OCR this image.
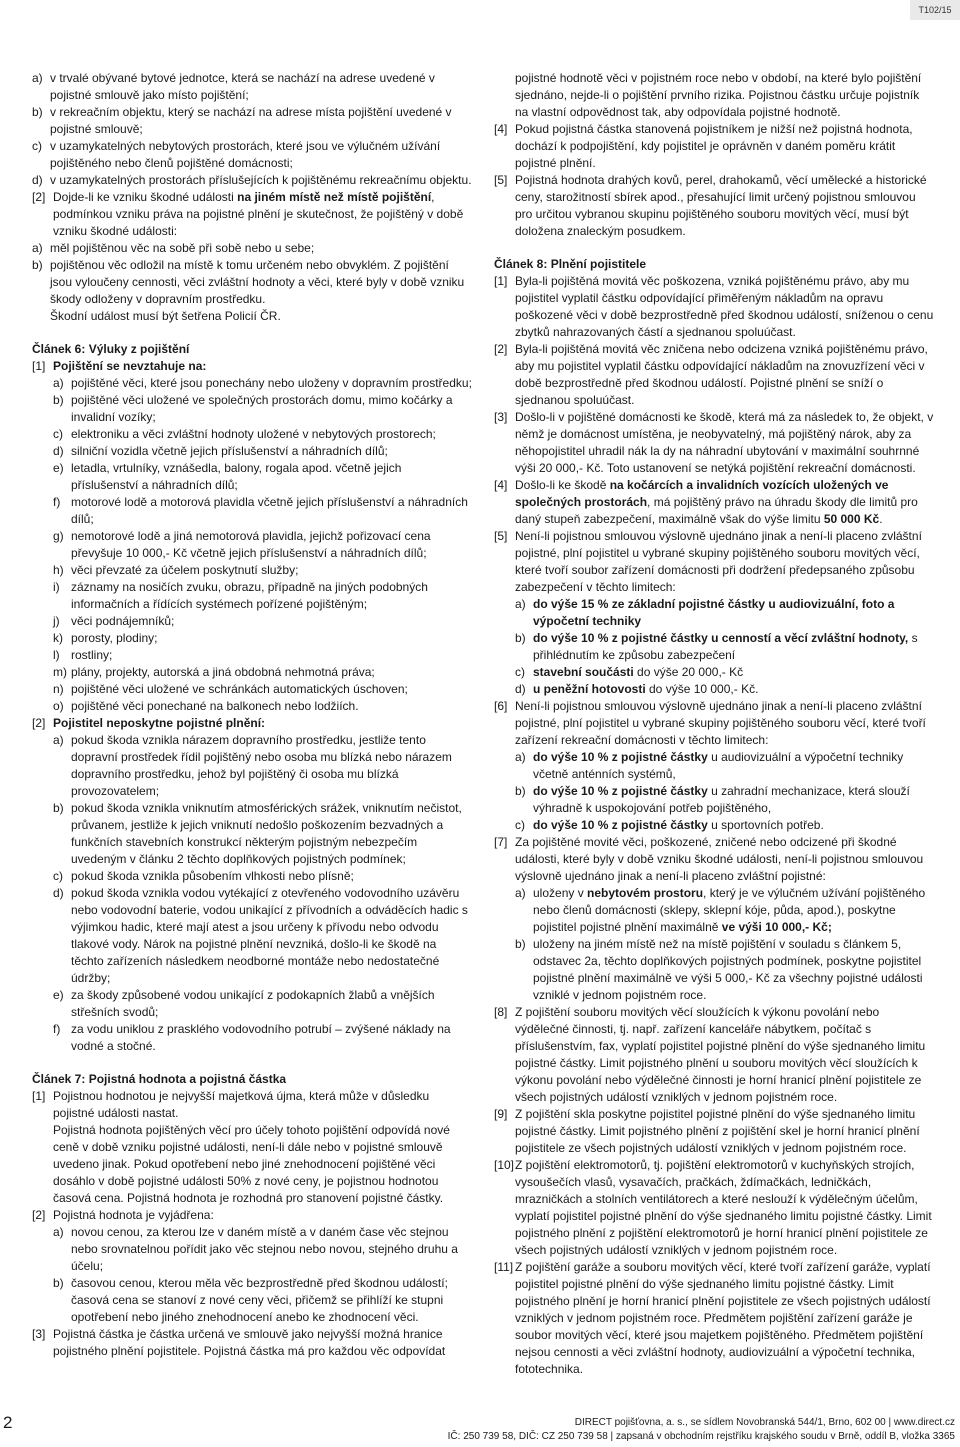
T102/15
a) v trvalé obývané bytové jednotce, která se nachází na adrese uvedené v pojistné smlouvě jako místo pojištění;
b) v rekreačním objektu, který se nachází na adrese místa pojištění uvedené v pojistné smlouvě;
c) v uzamykatelných nebytových prostorách, které jsou ve výlučném užívání pojištěného nebo členů pojištěné domácnosti;
d) v uzamykatelných prostorách příslušejících k pojištěnému rekreačnímu objektu.
[2] Dojde-li ke vzniku škodné události na jiném místě než místě pojištění, podmínkou vzniku práva na pojistné plnění je skutečnost, že pojištěný v době vzniku škodné události:
a) měl pojištěnou věc na sobě při sobě nebo u sebe;
b) pojištěnou věc odložil na místě k tomu určeném nebo obvyklém. Z pojištění jsou vyloučeny cennosti, věci zvláštní hodnoty a věci, které byly v době vzniku škody odloženy v dopravním prostředku.
Škodní událost musí být šetřena Policií ČR.
Článek 6: Výluky z pojištění
[1] Pojištění se nevztahuje na:
a) pojištěné věci, které jsou ponechány nebo uloženy v dopravním prostředku;
b) pojištěné věci uložené ve společných prostorách domu, mimo kočárky a invalidní vozíky;
c) elektroniku a věci zvláštní hodnoty uložené v nebytových prostorech;
d) silniční vozidla včetně jejich příslušenství a náhradních dílů;
e) letadla, vrtulníky, vznášedla, balony, rogala apod. včetně jejich příslušenství a náhradních dílů;
f) motorové lodě a motorová plavidla včetně jejich příslušenství a náhradních dílů;
g) nemotorové lodě a jiná nemotorová plavidla, jejichž pořizovací cena převyšuje 10 000,- Kč včetně jejich příslušenství a náhradních dílů;
h) věci převzaté za účelem poskytnutí služby;
i) záznamy na nosičích zvuku, obrazu, případně na jiných podobných informačních a řídících systémech pořízené pojištěným;
j) věci podnájemníků;
k) porosty, plodiny;
l) rostliny;
m) plány, projekty, autorská a jiná obdobná nehmotná práva;
n) pojištěné věci uložené ve schránkách automatických úschoven;
o) pojištěné věci ponechané na balkonech nebo lodžiích.
[2] Pojistitel neposkytne pojistné plnění:
a) pokud škoda vznikla nárazem dopravního prostředku, jestliže tento dopravní prostředek řídil pojištěný nebo osoba mu blízká nebo nárazem dopravního prostředku, jehož byl pojištěný či osoba mu blízká provozovatelem;
b) pokud škoda vznikla vniknutím atmosférických srážek, vniknutím nečistot, průvanem, jestliže k jejich vniknutí nedošlo poškozením bezvadných a funkčních stavebních konstrukcí některým pojistným nebezpečím uvedeným v článku 2 těchto doplňkových pojistných podmínek;
c) pokud škoda vznikla působením vlhkosti nebo plísně;
d) pokud škoda vznikla vodou vytékající z otevřeného vodovodního uzávěru nebo vodovodní baterie, vodou unikající z přívodních a odváděcích hadic s výjimkou hadic, které mají atest a jsou určeny k přívodu nebo odvodu tlakové vody. Nárok na pojistné plnění nevzniká, došlo-li ke škodě na těchto zařízeních následkem neodborné montáže nebo nedostatečné údržby;
e) za škody způsobené vodou unikající z podokapních žlabů a vnějších střešních svodů;
f) za vodu uniklou z prasklého vodovodního potrubí – zvýšené náklady na vodné a stočné.
Článek 7: Pojistná hodnota a pojistná částka
[1] Pojistnou hodnotou je nejvyšší majetková újma, která může v důsledku pojistné události nastat.
Pojistná hodnota pojištěných věcí pro účely tohoto pojištění odpovídá nové ceně v době vzniku pojistné události, není-li dále nebo v pojistné smlouvě uvedeno jinak. Pokud opotřebení nebo jiné znehodnocení pojištěné věci dosáhlo v době pojistné události 50% z nové ceny, je pojistnou hodnotou časová cena. Pojistná hodnota je rozhodná pro stanovení pojistné částky.
[2] Pojistná hodnota je vyjádřena:
a) novou cenou, za kterou lze v daném místě a v daném čase věc stejnou nebo srovnatelnou pořídit jako věc stejnou nebo novou, stejného druhu a účelu;
b) časovou cenou, kterou měla věc bezprostředně před škodnou událostí; časová cena se stanoví z nové ceny věci, přičemž se přihlíží ke stupni opotřebení nebo jiného znehodnocení anebo ke zhodnocení věci.
[3] Pojistná částka je částka určená ve smlouvě jako nejvyšší možná hranice pojistného plnění pojistitele. Pojistná částka má pro každou věc odpovídat
pojistné hodnotě věci v pojistném roce nebo v období, na které bylo pojištění sjednáno, nejde-li o pojištění prvního rizika. Pojistnou částku určuje pojistník na vlastní odpovědnost tak, aby odpovídala pojistné hodnotě.
[4] Pokud pojistná částka stanovená pojistníkem je nižší než pojistná hodnota, dochází k podpojištění, kdy pojistitel je oprávněn v daném poměru krátit pojistné plnění.
[5] Pojistná hodnota drahých kovů, perel, drahokamů, věcí umělecké a historické ceny, starožitností sbírek apod., přesahující limit určený pojistnou smlouvou pro určitou vybranou skupinu pojištěného souboru movitých věcí, musí být doložena znaleckým posudkem.
Článek 8: Plnění pojistitele
[1] Byla-li pojištěná movitá věc poškozena, vzniká pojištěnému právo, aby mu pojistitel vyplatil částku odpovídající přiměřeným nákladům na opravu poškozené věci v době bezprostředně před škodnou událostí, sníženou o cenu zbytků nahrazovaných částí a sjednanou spoluúčast.
[2] Byla-li pojištěná movitá věc zničena nebo odcizena vzniká pojištěnému právo, aby mu pojistitel vyplatil částku odpovídající nákladům na znovuzřízení věci v době bezprostředně před škodnou událostí. Pojistné plnění se sníží o sjednanou spoluúčast.
[3] Došlo-li v pojištěné domácnosti ke škodě, která má za následek to, že objekt, v němž je domácnost umístěna, je neobyvatelný, má pojištěný nárok, aby za něhopojistitel uhradil nák la dy na náhradní ubytování v maximální souhrnné výši 20 000,- Kč. Toto ustanovení se netýká pojištění rekreační domácnosti.
[4] Došlo-li ke škodě na kočárcích a invalidních vozících uložených ve společných prostorách, má pojištěný právo na úhradu škody dle limitů pro daný stupeň zabezpečení, maximálně však do výše limitu 50 000 Kč.
[5] Není-li pojistnou smlouvou výslovně ujednáno jinak a není-li placeno zvláštní pojistné, plní pojistitel u vybrané skupiny pojištěného souboru movitých věcí, které tvoří soubor zařízení domácnosti při dodržení předepsaného způsobu zabezpečení v těchto limitech:
a) do výše 15 % ze základní pojistné částky u audiovizuální, foto a výpočetní techniky
b) do výše 10 % z pojistné částky u cenností a věcí zvláštní hodnoty, s přihlédnutím ke způsobu zabezpečení
c) stavební součásti do výše 20 000,- Kč
d) u peněžní hotovosti do výše 10 000,- Kč.
[6] Není-li pojistnou smlouvou výslovně ujednáno jinak a není-li placeno zvláštní pojistné, plní pojistitel u vybrané skupiny pojištěného souboru věcí, které tvoří zařízení rekreační domácnosti v těchto limitech:
a) do výše 10 % z pojistné částky u audiovizuální a výpočetní techniky včetně anténních systémů,
b) do výše 10 % z pojistné částky u zahradní mechanizace, která slouží výhradně k uspokojování potřeb pojištěného,
c) do výše 10 % z pojistné částky u sportovních potřeb.
[7] Za pojištěné movité věci, poškozené, zničené nebo odcizené při škodné události, které byly v době vzniku škodné události, není-li pojistnou smlouvou výslovně ujednáno jinak a není-li placeno zvláštní pojistné:
a) uloženy v nebytovém prostoru, který je ve výlučném užívání pojištěného nebo členů domácnosti (sklepy, sklepní kóje, půda, apod.), poskytne pojistitel pojistné plnění maximálně ve výši 10 000,- Kč;
b) uloženy na jiném místě než na místě pojištění v souladu s článkem 5, odstavec 2a, těchto doplňkových pojistných podmínek, poskytne pojistitel pojistné plnění maximálně ve výši 5 000,- Kč za všechny pojistné události vzniklé v jednom pojistném roce.
[8] Z pojištění souboru movitých věcí sloužících k výkonu povolání nebo výdělečné činnosti, tj. např. zařízení kanceláře nábytkem, počítač s příslušenstvím, fax, vyplatí pojistitel pojistné plnění do výše sjednaného limitu pojistné částky. Limit pojistného plnění u souboru movitých věcí sloužících k výkonu povolání nebo výdělečné činnosti je horní hranicí plnění pojistitele ze všech pojistných událostí vzniklých v jednom pojistném roce.
[9] Z pojištění skla poskytne pojistitel pojistné plnění do výše sjednaného limitu pojistné částky. Limit pojistného plnění z pojištění skel je horní hranicí plnění pojistitele ze všech pojistných událostí vzniklých v jednom pojistném roce.
[10] Z pojištění elektromotorů, tj. pojištění elektromotorů v kuchyňských strojích, vysoušečích vlasů, vysavačích, pračkách, ždímačkách, ledničkách, mrazničkách a stolních ventilátorech a které neslouží k výdělečným účelům, vyplatí pojistitel pojistné plnění do výše sjednaného limitu pojistné částky. Limit pojistného plnění z pojištění elektromotorů je horní hranicí plnění pojistitele ze všech pojistných událostí vzniklých v jednom pojistném roce.
[11] Z pojištění garáže a souboru movitých věcí, které tvoří zařízení garáže, vyplatí pojistitel pojistné plnění do výše sjednaného limitu pojistné částky. Limit pojistného plnění je horní hranicí plnění pojistitele ze všech pojistných událostí vzniklých v jednom pojistném roce. Předmětem pojištění zařízení garáže je soubor movitých věcí, které jsou majetkem pojištěného. Předmětem pojištění nejsou cennosti a věci zvláštní hodnoty, audiovizuální a výpočetní technika, fototechnika.
2	DIRECT pojišťovna, a. s., se sídlem Novobranská 544/1, Brno, 602 00 | www.direct.cz
IČ: 250 739 58, DIČ: CZ 250 739 58 | zapsaná v obchodním rejstříku krajského soudu v Brně, oddíl B, vložka 3365
